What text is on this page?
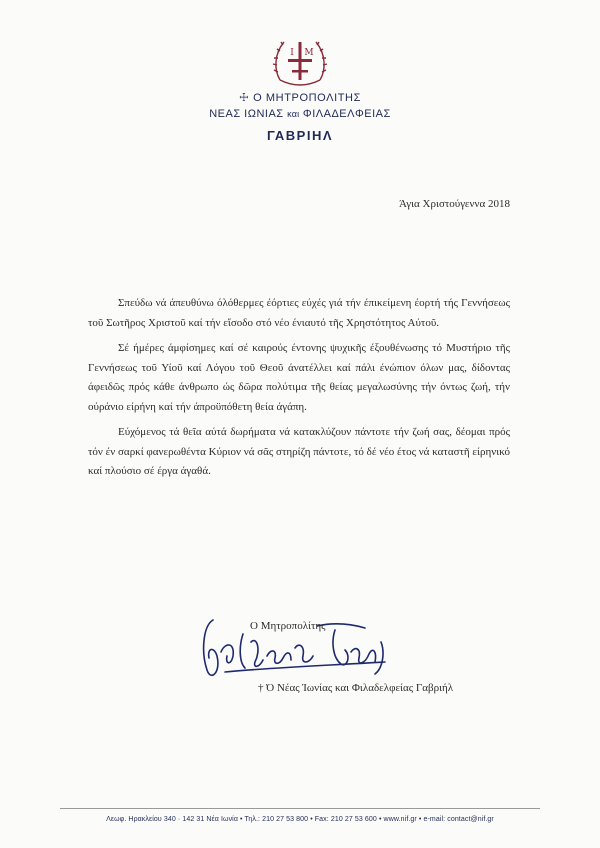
Ι Μ
☩ Ο ΜΗΤΡΟΠΟΛΙΤΗΣ
ΝΕΑΣ ΙΩΝΙΑΣ και ΦΙΛΑΔΕΛΦΕΙΑΣ
ΓΑΒΡΙΗΛ
Άγια Χριστούγεννα 2018

Σπεύδω νά άπευθύνω όλόθερμες έόρτιες εύχές γιά τήν έπικείμενη έορτή τής Γεννήσεως τοῦ Σωτῆρος Χριστοῦ καί τήν εἴσοδο στό νέο ένιαυτό τῆς Χρηστότητος Αύτοῦ.

Σέ ήμέρες άμφίσημες καί σέ καιρούς έντονης ψυχικῆς έξουθένωσης τό Μυστήριο τῆς Γεννήσεως τοῦ Υίοῦ καί Λόγου τοῦ Θεοῦ άνατέλλει καί πάλι ένώπιον όλων μας, δίδοντας άφειδῶς πρός κάθε άνθρωπο ώς δῶρα πολύτιμα τῆς θείας μεγαλωσύνης τήν όντως ζωή, τήν ούράνιο είρήνη καί τήν άπροϋπόθετη θεία άγάπη.

Εύχόμενος τά θεῖα αύτά δωρήματα νά κατακλύζουν πάντοτε τήν ζωή σας, δέομαι πρός τόν έν σαρκί φανερωθέντα Κύριον νά σᾶς στηρίζη πάντοτε, τό δέ νέο έτος νά καταστῆ είρηνικό καί πλούσιο σέ έργα άγαθά.

Ο Μητροπολίτης
† Ό Νέας Ίωνίας και Φιλαδελφείας Γαβριήλ
Λεωφ. Ηρακλείου 340 · 142 31 Νέα Ιωνία • Τηλ.: 210 27 53 800 • Fax: 210 27 53 600 • www.nif.gr • e-mail: contact@nif.gr
